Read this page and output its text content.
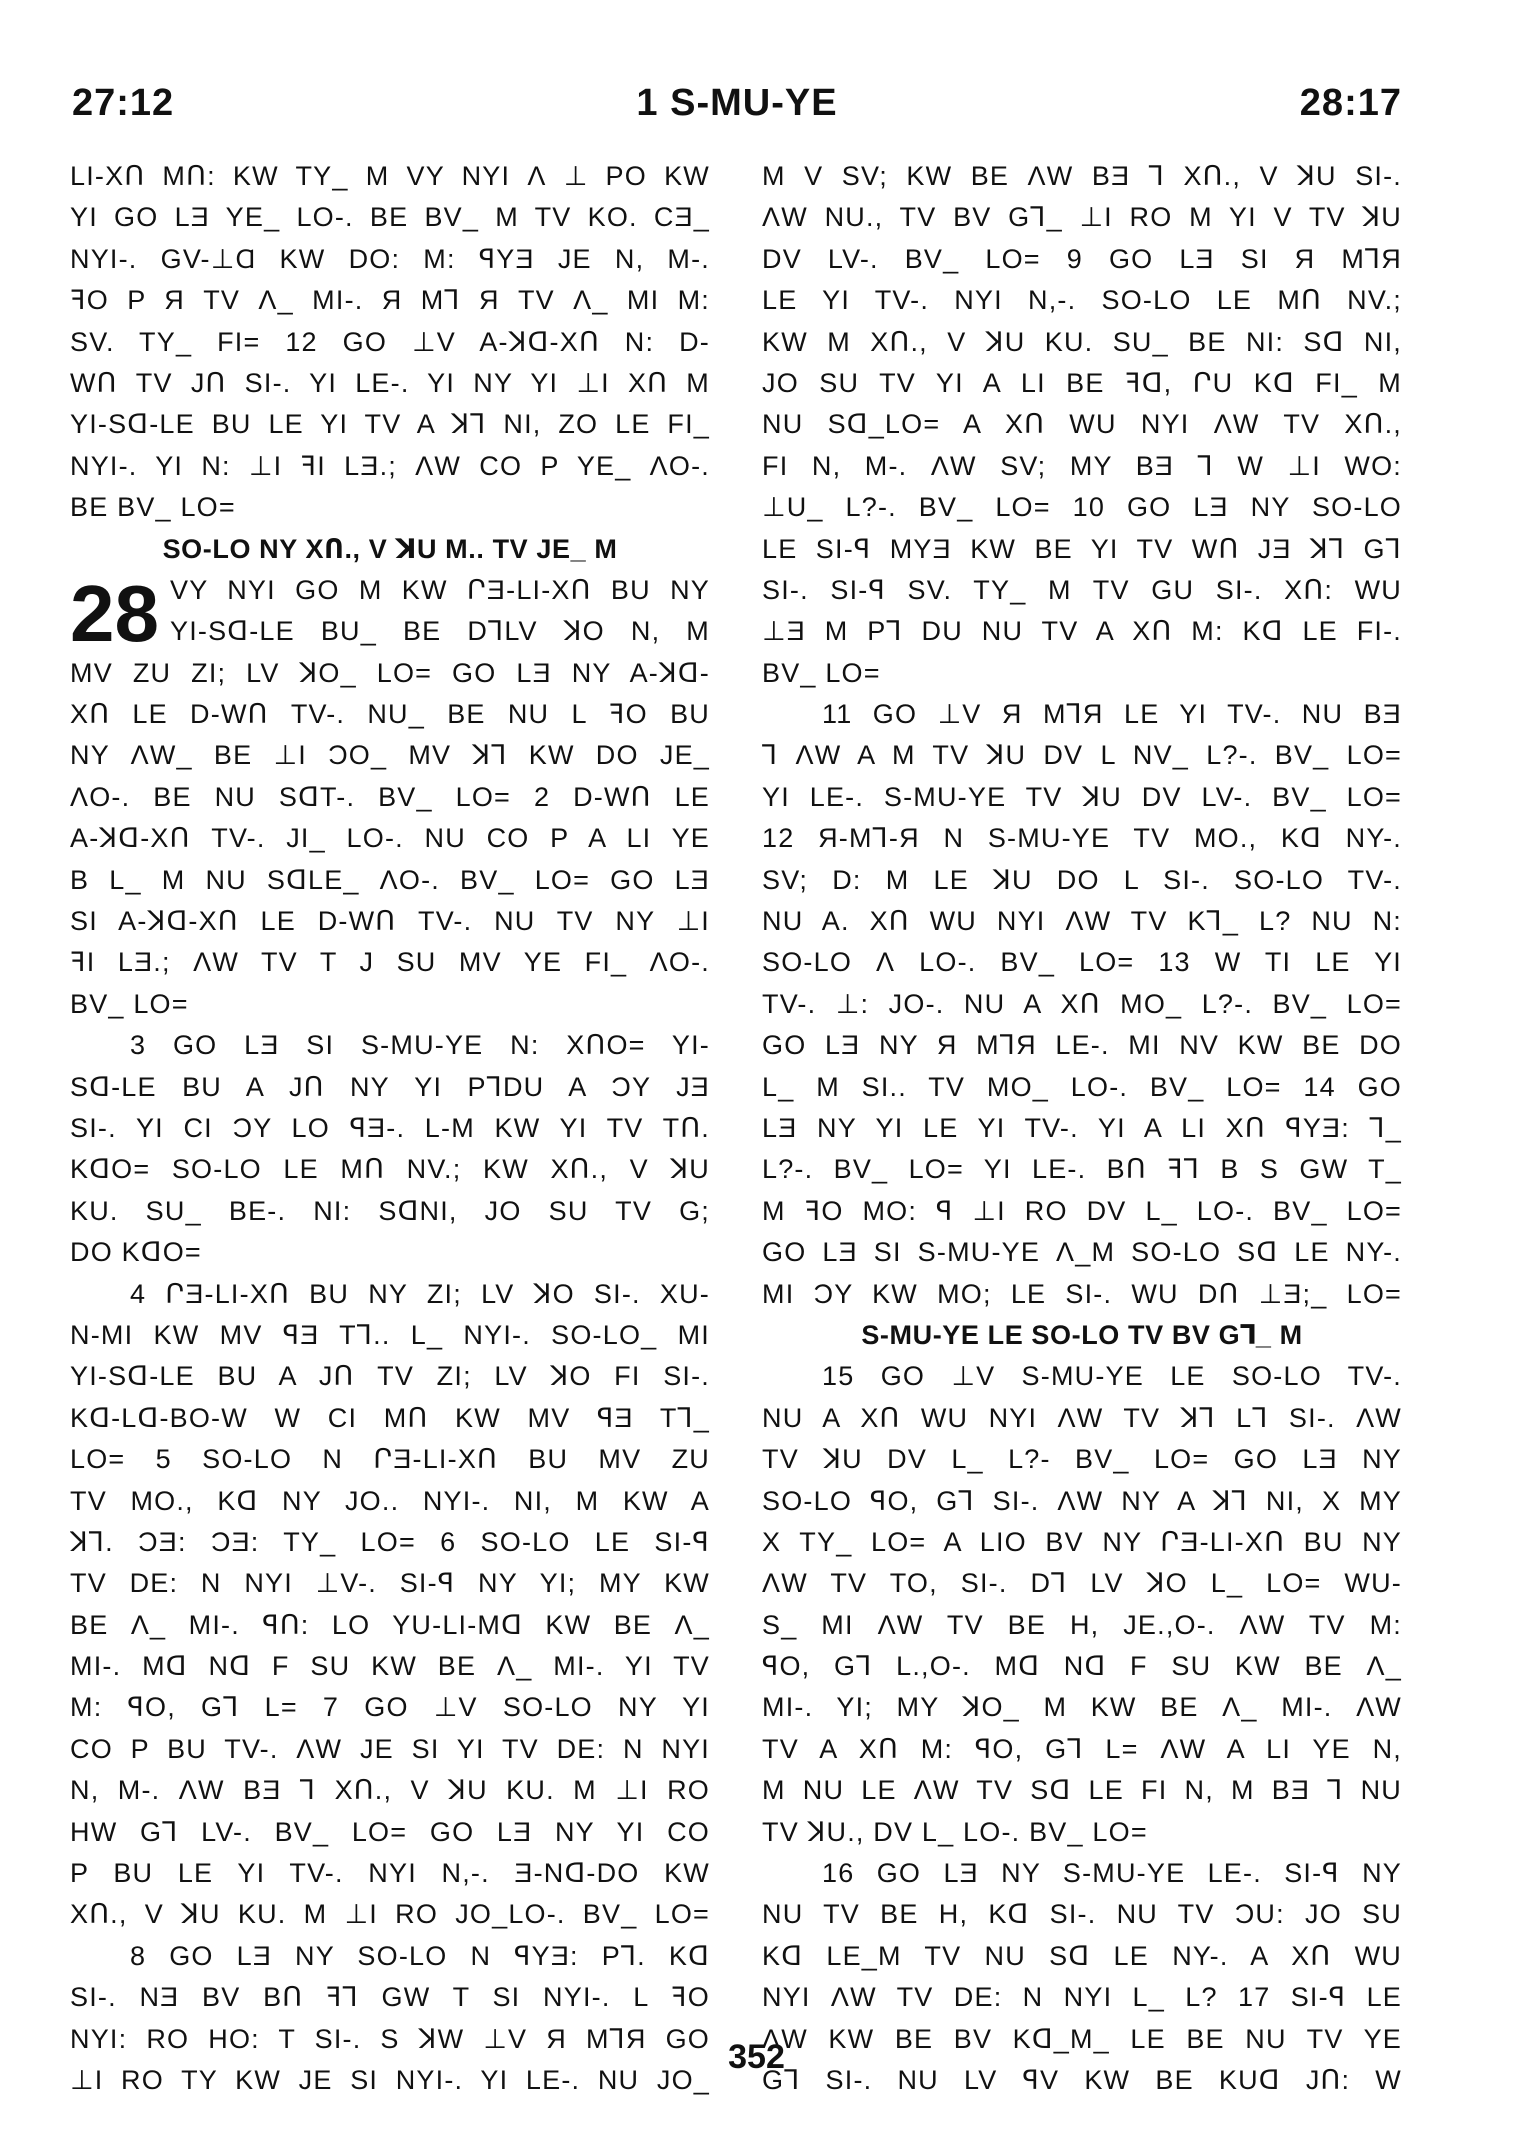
27:12	1 S-MU-YE	28:17
LI-XՈ MՈ: KW TY_ M VY NYI Ʌ ⊥ PO KW
YI GO LƎ YE_ LO-. BE BV_ M TV KO. CƎ_
NYI-. GV-⊥Ɑ KW DO: M: ꟼYƎ JE N, M-.
ꟻO P Я TV Ʌ_ MI-. Я Mꓶ Я TV Ʌ_ MI M:
SV. TY_ FI= 12 GO ⊥V A-ꓘꓷ-XՈ N: D-
WՈ TV JՈ SI-. YI LE-. YI NY YI ⊥I XՈ M
YI-Sꓷ-LE BU LE YI TV A ꓘꓶ NI, ZO LE FI_
NYI-. YI N: ⊥I ꟻI LƎ.; ɅW CO P YE_ ɅO-.
BE BV_ LO=
SO-LO NY XՈ., V ꓘU M.. TV JE_ M
28 VY NYI GO M KW ՐƎ-LI-XՈ BU NY
YI-Sꓷ-LE BU_ BE DꓶLV ꓘO N, M
MV ZU ZI; LV ꓘO_ LO= GO LƎ NY A-ꓘꓷ-
XՈ LE D-WՈ TV-. NU_ BE NU L ꟻO BU
NY ɅW_ BE ⊥I ƆO_ MV ꓘꓶ KW DO JE_
ɅO-. BE NU SꓷT-. BV_ LO= 2 D-WՈ LE
A-ꓘꓷ-XՈ TV-. JI_ LO-. NU CO P A LI YE
B L_ M NU SꓷLE_ ɅO-. BV_ LO= GO LƎ
SI A-ꓘꓷ-XՈ LE D-WՈ TV-. NU TV NY ⊥I
ꟻI LƎ.; ɅW TV T J SU MV YE FI_ ɅO-.
BV_ LO=
3 GO LƎ SI S-MU-YE N: XՈO= YI-
Sꓷ-LE BU A JՈ NY YI PꓶDU A ƆY JƎ
SI-. YI CI ƆY LO ꟼƎ-. L-M KW YI TV TՈ.
KꓷO= SO-LO LE MՈ NV.; KW XՈ., V ꓘU
KU. SU_ BE-. NI: SꓷNI, JO SU TV G;
DO KꓷO=
4 ՐƎ-LI-XՈ BU NY ZI; LV ꓘO SI-. XU-
N-MI KW MV ꟼƎ Tꓶ.. L_ NYI-. SO-LO_ MI
YI-Sꓷ-LE BU A JՈ TV ZI; LV ꓘO FI SI-.
Kꓷ-Lꓷ-BO-W W CI MՈ KW MV ꟼƎ Tꓶ_
LO= 5 SO-LO N ՐƎ-LI-XՈ BU MV ZU
TV MO., Kꓷ NY JO.. NYI-. NI, M KW A
ꓘꓶ. ƆƎ: ƆƎ: TY_ LO= 6 SO-LO LE SI-ꟼ
TV DE: N NYI ⊥V-. SI-ꟼ NY YI; MY KW
BE Ʌ_ MI-. ꟼՈ: LO YU-LI-Mꓷ KW BE Ʌ_
MI-. Mꓷ Nꓷ F SU KW BE Ʌ_ MI-. YI TV
M: ꟼO, Gꓶ L= 7 GO ⊥V SO-LO NY YI
CO P BU TV-. ɅW JE SI YI TV DE: N NYI
N, M-. ɅW BƎ ꓶ XՈ., V ꓘU KU. M ⊥I RO
HW Gꓶ LV-. BV_ LO= GO LƎ NY YI CO
P BU LE YI TV-. NYI N,-. Ǝ-Nꓷ-DO KW
XՈ., V ꓘU KU. M ⊥I RO JO_LO-. BV_ LO=
8 GO LƎ NY SO-LO N ꟼYƎ: Pꓶ. Kꓷ
SI-. NƎ BV BՈ ꟻꓶ GW T SI NYI-. L ꟻO
NYI: RO HO: T SI-. S ꓘW ⊥V Я MꓶЯ GO
⊥I RO TY KW JE SI NYI-. YI LE-. NU JO_
M V SV; KW BE ɅW BƎ ꓶ XՈ., V ꓘU SI-.
ɅW NU., TV BV Gꓶ_ ⊥I RO M YI V TV ꓘU
DV LV-. BV_ LO= 9 GO LƎ SI Я MꓶЯ
LE YI TV-. NYI N,-. SO-LO LE MՈ NV.;
KW M XՈ., V ꓘU KU. SU_ BE NI: Sꓷ NI,
JO SU TV YI A LI BE ꟻꓷ, ՐU Kꓷ FI_ M
NU Sꓷ_LO= A XՈ WU NYI ɅW TV XՈ.,
FI N, M-. ɅW SV; MY BƎ ꓶ W ⊥I WO:
⊥U_ L?-. BV_ LO= 10 GO LƎ NY SO-LO
LE SI-ꟼ MYƎ KW BE YI TV WՈ JƎ ꓘꓶ Gꓶ
SI-. SI-ꟼ SV. TY_ M TV GU SI-. XՈ: WU
⊥Ǝ M Pꓶ DU NU TV A XՈ M: Kꓷ LE FI-.
BV_ LO=
11 GO ⊥V Я MꓶЯ LE YI TV-. NU BƎ
ꓶ ɅW A M TV ꓘU DV L NV_ L?-. BV_ LO=
YI LE-. S-MU-YE TV ꓘU DV LV-. BV_ LO=
12 Я-Mꓶ-Я N S-MU-YE TV MO., Kꓷ NY-.
SV; D: M LE ꓘU DO L SI-. SO-LO TV-.
NU A. XՈ WU NYI ɅW TV Kꓶ_ L? NU N:
SO-LO Ʌ LO-. BV_ LO= 13 W TI LE YI
TV-. ⊥: JO-. NU A XՈ MO_ L?-. BV_ LO=
GO LƎ NY Я MꓶЯ LE-. MI NV KW BE DO
L_ M SI.. TV MO_ LO-. BV_ LO= 14 GO
LƎ NY YI LE YI TV-. YI A LI XՈ ꟼYƎ: ꓶ_
L?-. BV_ LO= YI LE-. BՈ ꟻꓶ B S GW T_
M ꟻO MO: ꟼ ⊥I RO DV L_ LO-. BV_ LO=
GO LƎ SI S-MU-YE Ʌ_M SO-LO Sꓷ LE NY-.
MI ƆY KW MO; LE SI-. WU DՈ ⊥Ǝ;_ LO=
S-MU-YE LE SO-LO TV BV Gꓶ_ M
15 GO ⊥V S-MU-YE LE SO-LO TV-.
NU A XՈ WU NYI ɅW TV ꓘꓶ Lꓶ SI-. ɅW
TV ꓘU DV L_ L?- BV_ LO= GO LƎ NY
SO-LO ꟼO, Gꓶ SI-. ɅW NY A ꓘꓶ NI, X MY
X TY_ LO= A LIO BV NY ՐƎ-LI-XՈ BU NY
ɅW TV TO, SI-. Dꓶ LV ꓘO L_ LO= WU-
S_ MI ɅW TV BE H, JE.,O-. ɅW TV M:
ꟼO, Gꓶ L.,O-. Mꓷ Nꓷ F SU KW BE Ʌ_
MI-. YI; MY ꓘO_ M KW BE Ʌ_ MI-. ɅW
TV A XՈ M: ꟼO, Gꓶ L= ɅW A LI YE N,
M NU LE ɅW TV Sꓷ LE FI N, M BƎ ꓶ NU
TV ꓘU., DV L_ LO-. BV_ LO=
16 GO LƎ NY S-MU-YE LE-. SI-ꟼ NY
NU TV BE H, Kꓷ SI-. NU TV ƆU: JO SU
Kꓷ LE_M TV NU Sꓷ LE NY-. A XՈ WU
NYI ɅW TV DE: N NYI L_ L? 17 SI-ꟼ LE
ɅW KW BE BV Kꓷ_M_ LE BE NU TV YE
Gꓶ SI-. NU LV ꟼV KW BE KUꓷ JՈ: W
352
